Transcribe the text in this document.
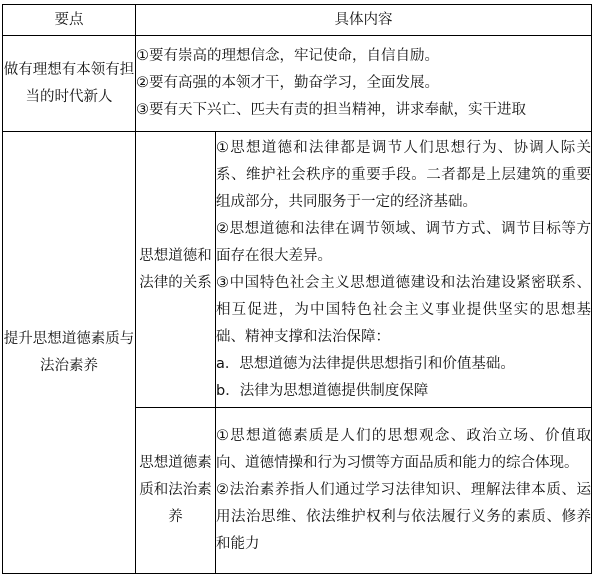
要点	具体内容	
做有理想有本领有担当的时代新人	①要有崇高的理想信念，牢记使命，自信自励。
②要有高强的本领才干，勤奋学习，全面发展。
③要有天下兴亡、匹夫有责的担当精神，讲求奉献，实干进取	

提升思想道德素质与法治素养	思想道德和法律的关系	①思想道德和法律都是调节人们思想行为、协调人际关系、维护社会秩序的重要手段。二者都是上层建筑的重要组成部分，共同服务于一定的经济基础。
②思想道德和法律在调节领域、调节方式、调节目标等方面存在很大差异。
③中国特色社会主义思想道德建设和法治建设紧密联系、相互促进，为中国特色社会主义事业提供坚实的思想基础、精神支撑和法治保障：
a．思想道德为法律提供思想指引和价值基础。
b．法律为思想道德提供制度保障

	思想道德素质和法治素养	①思想道德素质是人们的思想观念、政治立场、价值取向、道德情操和行为习惯等方面品质和能力的综合体现。
②法治素养指人们通过学习法律知识、理解法律本质、运用法治思维、依法维护权利与依法履行义务的素质、修养和能力
